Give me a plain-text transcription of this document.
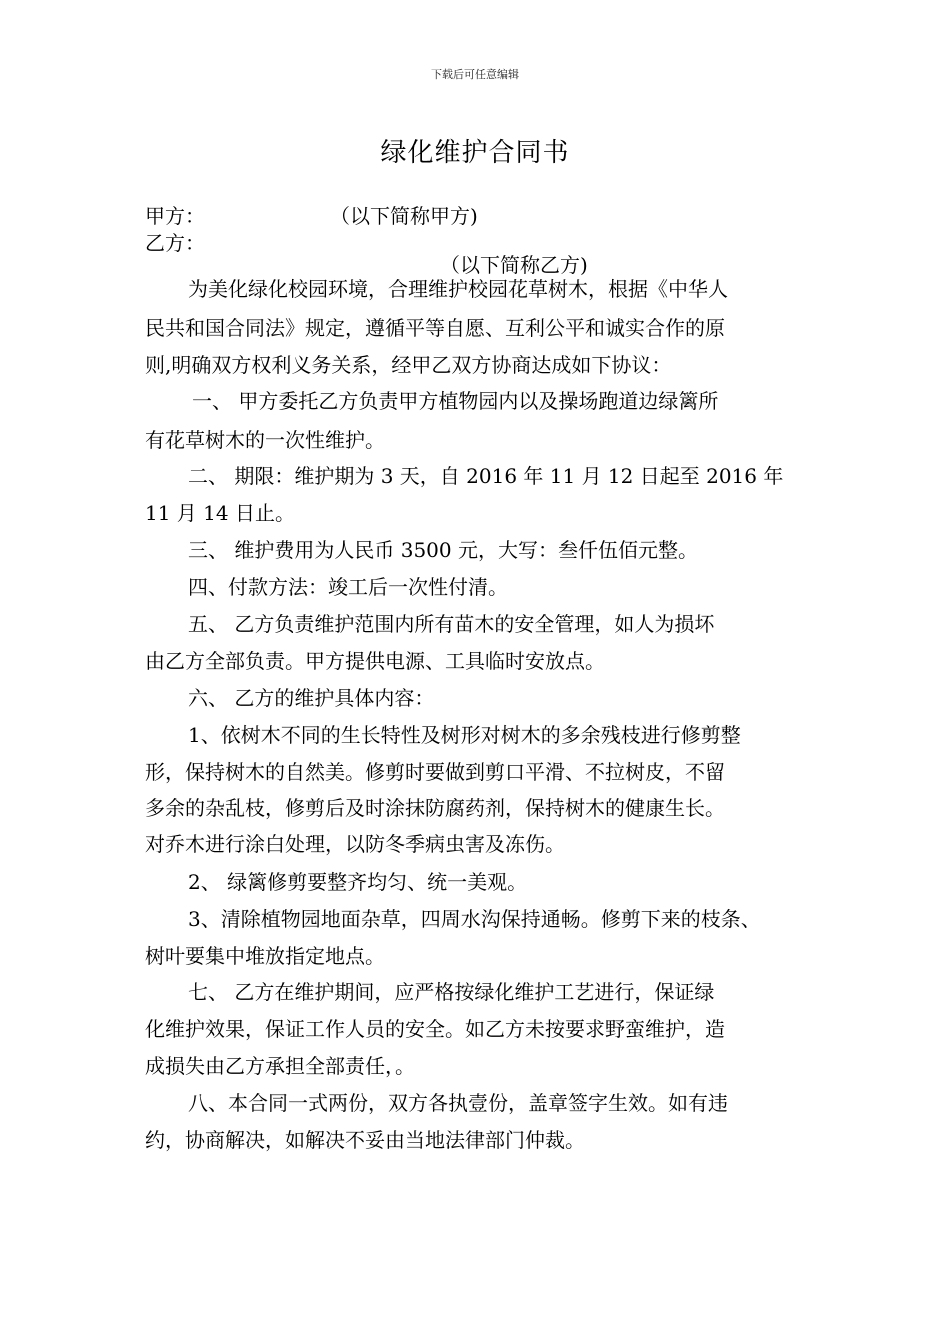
下载后可任意编辑
绿化维护合同书
甲方：	（以下简称甲方)
乙方：
（以下简称乙方)
为美化绿化校园环境，合理维护校园花草树木，根据《中华人
民共和国合同法》规定，遵循平等自愿、互利公平和诚实合作的原
则,明确双方权利义务关系，经甲乙双方协商达成如下协议：
一、 甲方委托乙方负责甲方植物园内以及操场跑道边绿篱所
有花草树木的一次性维护。
二、 期限：维护期为 3 天，自 2016 年 11 月 12 日起至 2016 年
11 月 14 日止。
三、 维护费用为人民币 3500 元，大写：叁仟伍佰元整。
四、付款方法：竣工后一次性付清。
五、 乙方负责维护范围内所有苗木的安全管理，如人为损坏
由乙方全部负责。甲方提供电源、工具临时安放点。
六、 乙方的维护具体内容：
1、依树木不同的生长特性及树形对树木的多余残枝进行修剪整
形，保持树木的自然美。修剪时要做到剪口平滑、不拉树皮，不留
多余的杂乱枝，修剪后及时涂抹防腐药剂，保持树木的健康生长。
对乔木进行涂白处理，以防冬季病虫害及冻伤。
2、 绿篱修剪要整齐均匀、统一美观。
3、清除植物园地面杂草，四周水沟保持通畅。修剪下来的枝条、
树叶要集中堆放指定地点。
七、 乙方在维护期间，应严格按绿化维护工艺进行，保证绿
化维护效果，保证工作人员的安全。如乙方未按要求野蛮维护，造
成损失由乙方承担全部责任，。
八、本合同一式两份，双方各执壹份，盖章签字生效。如有违
约，协商解决，如解决不妥由当地法律部门仲裁。
